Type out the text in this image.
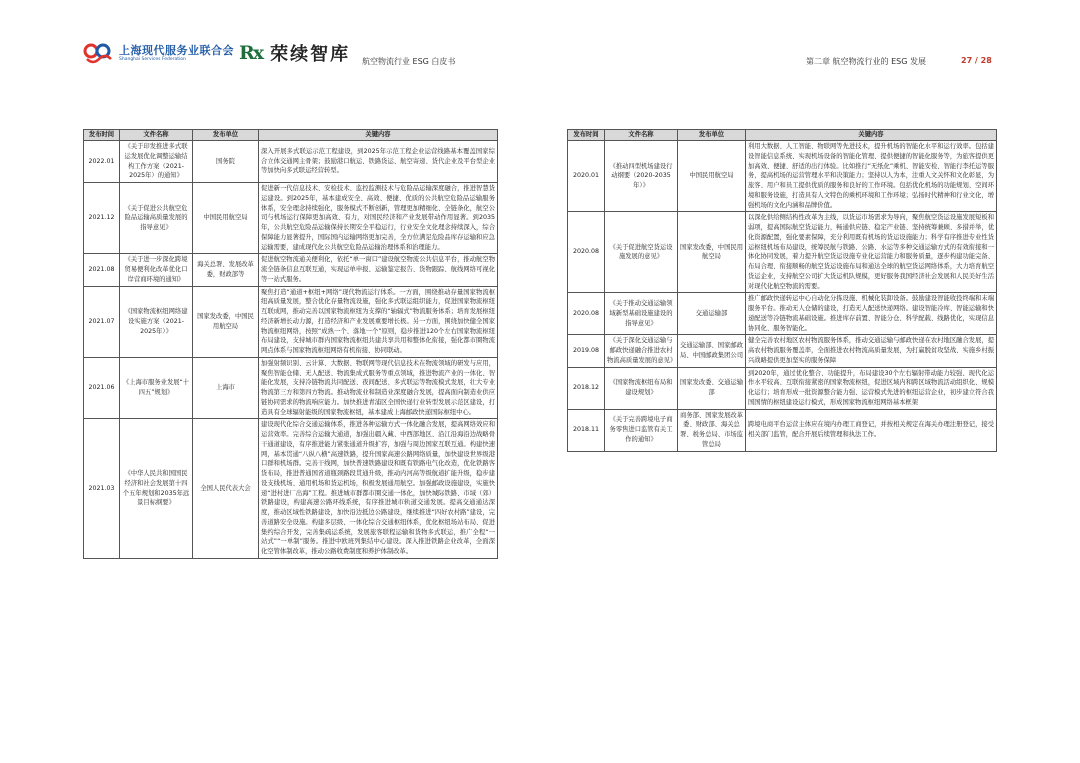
上海现代服务业联合会
Shanghai Services Federation	Rx 荣续智库 航空物流行业 ESG 白皮书	第二章 航空物流行业的 ESG 发展	27 / 28
发布时间	文件名称	发布单位	关键内容
2022.01	《关于印发推进多式联运发展优化调整运输结构工作方案（2021-2025年）的通知》	国务院	深入开展多式联运示范工程建设，到2025年示范工程企业运营线路基本覆盖国家综合立体交通网主骨架；鼓励港口航运、铁路货运、航空寄递、货代企业及平台型企业等加快向多式联运经营转型。
2021.12	《关于促进公共航空危险品运输高质量发展的指导意见》	中国民用航空局	促进新一代信息技术、安检技术、监控监测技术与危险品运输深度融合，推进智慧货运建设。到2025年，基本建成安全、高效、便捷、优质的公共航空危险品运输服务体系，安全理念持续强化，服务模式不断创新，管理更加精细化、全链条化，航空公司与机场运行保障更加高效、有力，对国民经济和产业发展带动作用显著。到2035年，公共航空危险品运输保持长期安全平稳运行，行业安全文化理念持续深入，综合保障能力显著提升，国际国内运输网络更加完善，全方位满足危险品库存运输和应急运输需要，建成现代化公共航空危险品运输治理体系和治理能力。
2021.08	《关于进一步深化跨境贸易便利化改革优化口岸营商环境的通知》	海关总署、发展改革委，财政部等	促进航空物流通关便利化，依托“单一窗口”建设航空物流公共信息平台，推动航空物流全链条信息互联互通，实现运单申报、运输鉴定报告、货物跟踪、航线网络可视化等一站式服务。
2021.07	《国家物流枢纽网络建设实施方案（2021-2025年）》	国家发改委，中国民用航空局	聚焦打造“通道+枢纽+网络”现代物流运行体系。一方面，围绕推动存量国家物流枢纽高质量发展，整合优化存量物流设施，强化多式联运组织能力，促进国家物流枢纽互联成网，推动完善以国家物流枢纽为支撑的“轴辐式”物流服务体系；培育发展枢纽经济新增长动力源，打造经济和产业发展重要增长极。另一方面，围绕加快健全国家物流枢纽网络，按照“成熟一个、落地一个”原则，稳步推进120个左右国家物流枢纽布局建设，支持城市群内国家物流枢纽共建共享共用和整体化衔接，强化都市圈物流网点体系与国家物流枢纽网络有机衔接、协同联动。
2021.06	《上海市服务业发展“十四五”规划》	上海市	加强射频识别、云计算、大数据、物联网等现代信息技术在物流领域的研发与应用，聚焦智能仓储、无人配送、物流集成式服务等重点领域，推进物流产业的一体化、智能化发展，支持冷链物流共同配送、夜间配送、多式联运等物流模式发展，壮大专业物流第三方和第四方物流。推动物流业和制造业深度融合发展，提高面向制造业供应链协同需求的物流响应能力。加快推进青浦区全国快递行业转型发展示范区建设，打造具有全球辐射能级的国家物流枢纽，基本建成上海邮政快递国际枢纽中心。
2021.03	《中华人民共和国国民经济和社会发展第十四个五年规划和2035年远景目标纲要》	全国人民代表大会	建设现代化综合交通运输体系，推进各种运输方式一体化融合发展，提高网络效应和运营效率。完善综合运输大通道，加强出疆入藏、中西部地区、沿江沿海沿边战略骨干通道建设，有序推进能力紧张通道升级扩容，加强与周边国家互联互通。构建快速网，基本贯通“八纵八横”高速铁路，提升国家高速公路网络质量，加快建设世界级港口群和机场群。完善干线网，加快普速铁路建设和既有铁路电气化改造，优化铁路客货布局，推进普通国省道瓶颈路段贯通升级，推动内河高等级航道扩能升级，稳步建设支线机场、通用机场和货运机场，积极发展通用航空。加强邮政设施建设，实施快递“进村进厂出海”工程。推进城市群都市圈交通一体化，加快城际铁路、市域（郊）铁路建设，构建高速公路环线系统，有序推进城市轨道交通发展。提高交通通达深度，推动区域性铁路建设，加快沿边抵边公路建设，继续推进“四好农村路”建设，完善道路安全设施。构建多层级、一体化综合交通枢纽体系，优化枢纽场站布局、促进集约综合开发，完善集疏运系统，发展旅客联程运输和货物多式联运，推广全程“一站式”“一单制”服务。推进中欧班列集结中心建设。深入推进铁路企业改革，全面深化空管体制改革，推动公路收费制度和养护体制改革。
发布时间	文件名称	发布单位	关键内容
2020.01	《推动四型机场建设行动纲要（2020-2035年）》	中国民用航空局	利用大数据、人工智能、物联网等先进技术，提升机场的智能化水平和运行效率。包括建设智能信息系统、实现机场设备的智能化管理、提供便捷的智能化服务等，为旅客提供更加高效、便捷、舒适的出行体验。比如推行“无纸化”乘机、智能安检、智能行李托运等服务，提高机场的运营管理水平和决策能力；坚持以人为本，注重人文关怀和文化彰显，为旅客、用户和员工提供优质的服务和良好的工作环境。包括优化机场的功能规划、空间环境和服务设施，打造具有人文特色的乘机环境和工作环境；弘扬时代精神和行业文化，增强机场的文化内涵和品牌价值。
2020.08	《关于促进航空货运设施发展的意见》	国家发改委，中国民用航空局	以深化供给侧结构性改革为主线，以货运市场需求为导向，聚焦航空货运设施发展短板和弱项，提高国际航空货运能力，畅通供应链、稳定产业链、坚持统筹兼顾、多措并举，优化资源配置，强化要素保障，充分利用既有机场的货运设施能力；科学有序推进专业性货运枢纽机场布局建设，统筹民航与铁路、公路、水运等多种交通运输方式的有效衔接和一体化协同发展，着力提升航空货运设施专业化运营能力和服务质量，逐步构建功能完备、布局合理、衔接顺畅的航空货运设施布局和通达全球的航空货运网络体系，大力培育航空货运企业，支持航空公司扩大货运机队规模，更好服务我国经济社会发展和人民美好生活对现代化航空物流的需要。
2020.08	《关于推动交通运输领域新型基础设施建设的指导意见》	交通运输部	推广邮政快递转运中心自动化分拣设施、机械化装卸设备。鼓励建设智能收投终端和末端服务平台。推动无人仓储的建设，打造无人配送快递网络。建设智能冷库、智能运输和快递配送等冷链物流基础设施。推进库存前置、智能分仓、科学配载、线路优化，实现信息协同化、服务智能化。
2019.08	《关于深化交通运输与邮政快递融合推进农村物流高质量发展的意见》	交通运输部、国家邮政局、中国邮政集团公司	健全完善农村地区农村物流服务体系，推动交通运输与邮政快递在农村地区融合发展，提高农村物流服务覆盖率，全面推进农村物流高质量发展，为打赢脱贫攻坚战、实施乡村振兴战略提供更加坚实的服务保障
2018.12	《国家物流枢纽布局和建设规划》	国家发改委、交通运输部	到2020年，通过优化整合、功能提升，布局建设30个左右辐射带动能力较强、现代化运作水平较高、互联衔接紧密的国家物流枢纽，促进区域内和跨区域物流活动组织化、规模化运行；培育形成一批资源整合能力强、运营模式先进的枢纽运营企业，初步建立符合我国国情的枢纽建设运行模式，形成国家物流枢纽网络基本框架
2018.11	《关于完善跨境电子商务零售进口监管有关工作的通知》	商务部、国家发展改革委、财政部、海关总署、税务总局、市场监管总局	跨境电商平台运营主体应在境内办理工商登记，并按相关规定在海关办理注册登记，接受相关部门监管，配合开展后续管理和执法工作。
